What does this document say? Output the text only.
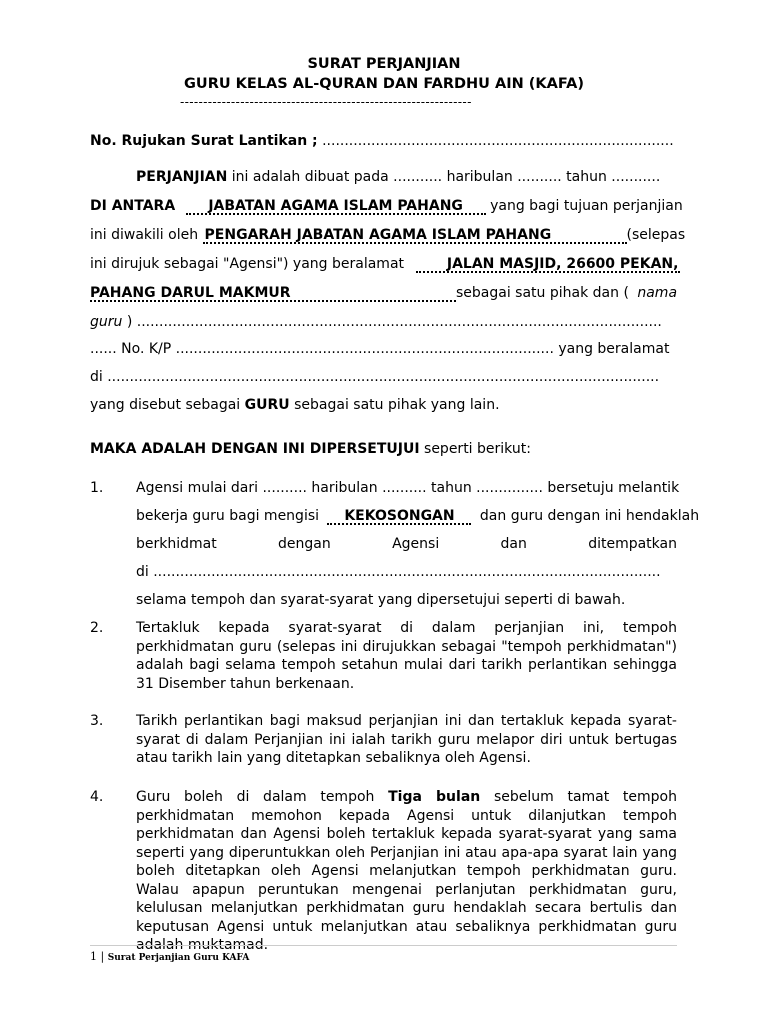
SURAT PERJANJIAN
GURU KELAS AL-QURAN DAN FARDHU AIN (KAFA)
---------------------------------------------------------------
No. Rujukan Surat Lantikan ; ...............................................................................
PERJANJIAN ini adalah dibuat pada ........... haribulan .......... tahun ...........
DI ANTARA JABATAN AGAMA ISLAM PAHANG yang bagi tujuan perjanjian
ini diwakili oleh PENGARAH JABATAN AGAMA ISLAM PAHANG	(selepas
ini dirujuk sebagai "Agensi") yang beralamat	JALAN MASJID, 26600 PEKAN,
PAHANG DARUL MAKMUR	sebagai satu pihak dan ( nama
guru ) ......................................................................................................................
...... No. K/P ..................................................................................... yang beralamat
di ............................................................................................................................
yang disebut sebagai GURU sebagai satu pihak yang lain.
MAKA ADALAH DENGAN INI DIPERSETUJUI seperti berikut:
1. Agensi mulai dari .......... haribulan .......... tahun ............... bersetuju melantik
bekerja guru bagi mengisi KEKOSONGAN dan guru dengan ini hendaklah
berkhidmat dengan Agensi dan ditempatkan
di ..................................................................................................................
selama tempoh dan syarat-syarat yang dipersetujui seperti di bawah.
2. Tertakluk kepada syarat-syarat di dalam perjanjian ini, tempoh perkhidmatan guru (selepas ini dirujukkan sebagai "tempoh perkhidmatan") adalah bagi selama tempoh setahun mulai dari tarikh perlantikan sehingga 31 Disember tahun berkenaan.
3. Tarikh perlantikan bagi maksud perjanjian ini dan tertakluk kepada syarat-syarat di dalam Perjanjian ini ialah tarikh guru melapor diri untuk bertugas atau tarikh lain yang ditetapkan sebaliknya oleh Agensi.
4. Guru boleh di dalam tempoh Tiga bulan sebelum tamat tempoh perkhidmatan memohon kepada Agensi untuk dilanjutkan tempoh perkhidmatan dan Agensi boleh tertakluk kepada syarat-syarat yang sama seperti yang diperuntukkan oleh Perjanjian ini atau apa-apa syarat lain yang boleh ditetapkan oleh Agensi melanjutkan tempoh perkhidmatan guru. Walau apapun peruntukan mengenai perlanjutan perkhidmatan guru, kelulusan melanjutkan perkhidmatan guru hendaklah secara bertulis dan keputusan Agensi untuk melanjutkan atau sebaliknya perkhidmatan guru adalah muktamad.
1 | Surat Perjanjian Guru KAFA
